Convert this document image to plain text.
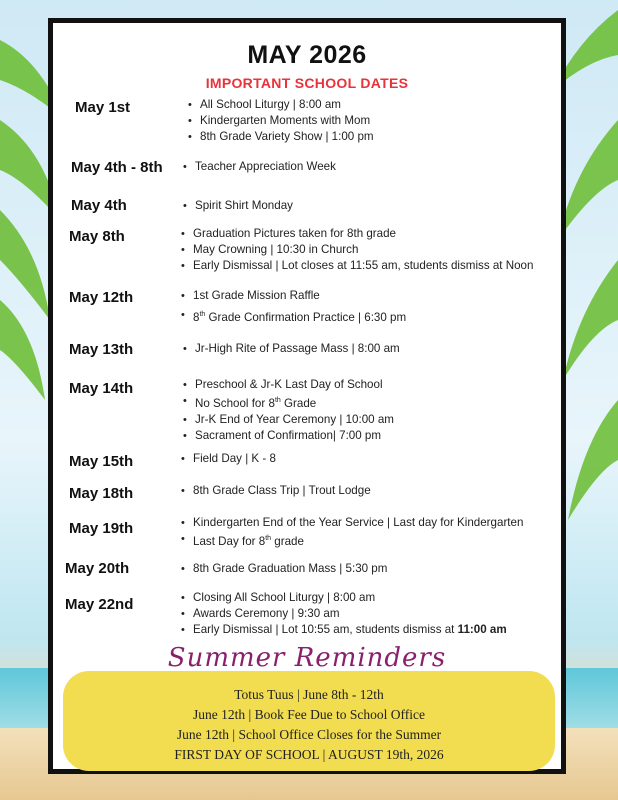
MAY 2026
IMPORTANT SCHOOL DATES
May 1st	• All School Liturgy | 8:00 am
• Kindergarten Moments with Mom
• 8th Grade Variety Show | 1:00 pm
May 4th - 8th	• Teacher Appreciation Week
May 4th	• Spirit Shirt Monday
May 8th	• Graduation Pictures taken for 8th grade
• May Crowning | 10:30 in Church
• Early Dismissal | Lot closes at 11:55 am, students dismiss at Noon
May 12th	• 1st Grade Mission Raffle
• 8th Grade Confirmation Practice | 6:30 pm
May 13th	• Jr-High Rite of Passage Mass | 8:00 am
May 14th	• Preschool & Jr-K Last Day of School
• No School for 8th Grade
• Jr-K End of Year Ceremony | 10:00 am
• Sacrament of Confirmation| 7:00 pm
May 15th	• Field Day | K - 8
May 18th	• 8th Grade Class Trip | Trout Lodge
May 19th	• Kindergarten End of the Year Service | Last day for Kindergarten
• Last Day for 8th grade
May 20th	• 8th Grade Graduation Mass | 5:30 pm
May 22nd	• Closing All School Liturgy | 8:00 am
• Awards Ceremony | 9:30 am
• Early Dismissal | Lot 10:55 am, students dismiss at 11:00 am
Summer Reminders
Totus Tuus | June 8th - 12th
June 12th | Book Fee Due to School Office
June 12th | School Office Closes for the Summer
FIRST DAY OF SCHOOL | AUGUST 19th, 2026
